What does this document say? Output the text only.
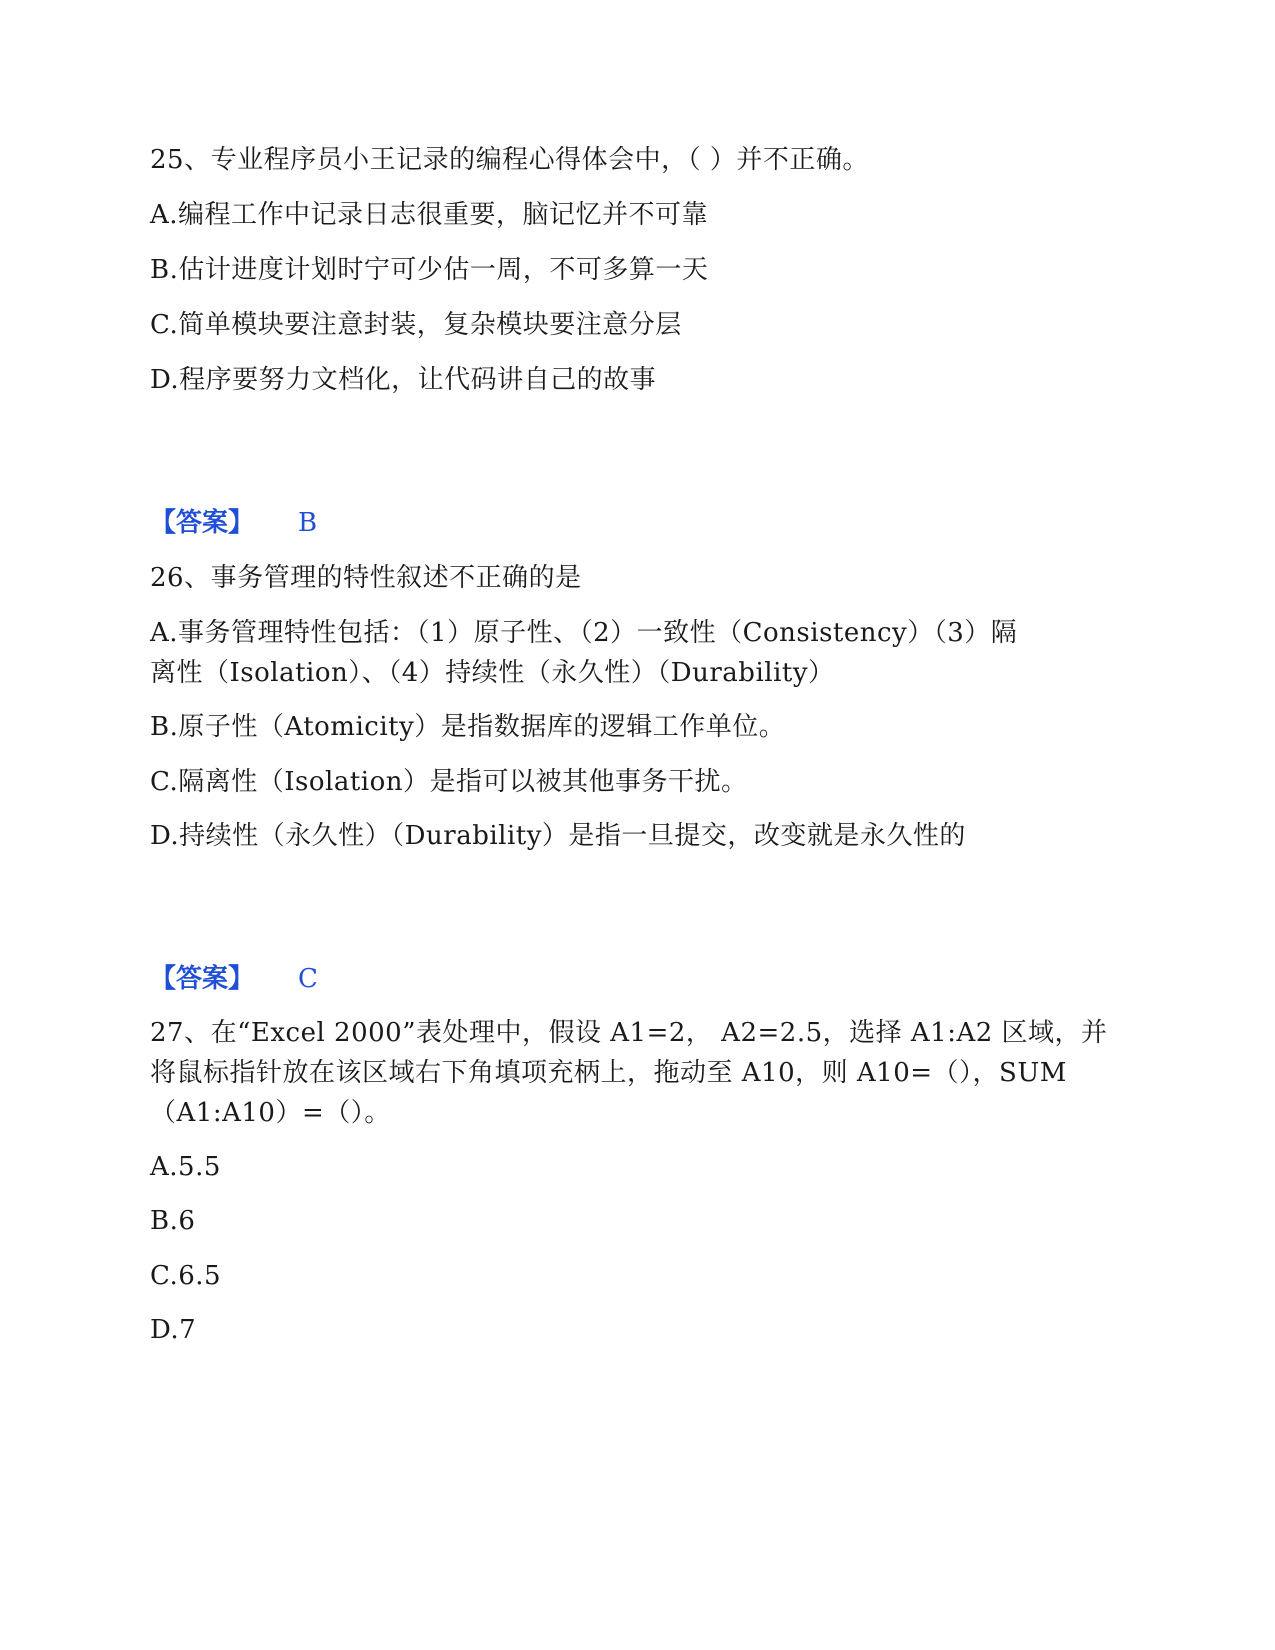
25、专业程序员小王记录的编程心得体会中，（ ）并不正确。
A.编程工作中记录日志很重要，脑记忆并不可靠
B.估计进度计划时宁可少估一周，不可多算一天
C.简单模块要注意封装，复杂模块要注意分层
D.程序要努力文档化，让代码讲自己的故事
【答案】 B
26、事务管理的特性叙述不正确的是
A.事务管理特性包括：（1）原子性、（2）一致性（Consistency）（3）隔
离性（Isolation）、（4）持续性（永久性）（Durability）
B.原子性（Atomicity）是指数据库的逻辑工作单位。
C.隔离性（Isolation）是指可以被其他事务干扰。
D.持续性（永久性）（Durability）是指一旦提交，改变就是永久性的
【答案】 C
27、在“Excel 2000”表处理中，假设 A1=2， A2=2.5，选择 A1:A2 区域，并
将鼠标指针放在该区域右下角填项充柄上，拖动至 A10，则 A10=（），SUM
（A1:A10）=（）。
A.5.5
B.6
C.6.5
D.7
